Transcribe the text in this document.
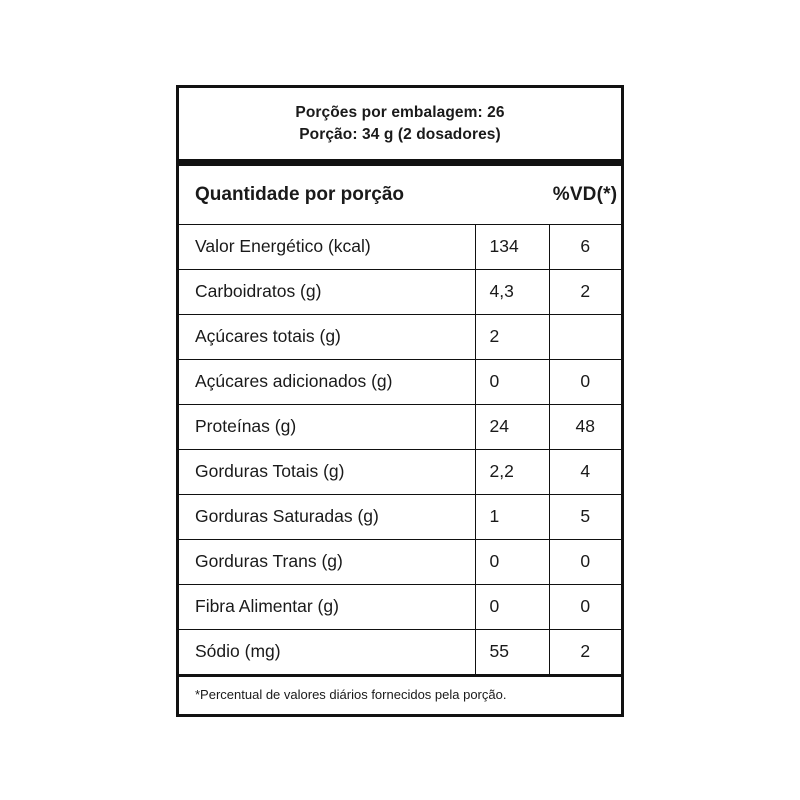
Porções por embalagem: 26
Porção: 34 g (2 dosadores)
Quantidade por porção		%VD(*)
Valor Energético (kcal)	134	6
Carboidratos (g)	4,3	2
Açúcares totais (g)	2	
Açúcares adicionados (g)	0	0
Proteínas (g)	24	48
Gorduras Totais (g)	2,2	4
Gorduras Saturadas (g)	1	5
Gorduras Trans (g)	0	0
Fibra Alimentar (g)	0	0
Sódio (mg)	55	2
*Percentual de valores diários fornecidos pela porção.
